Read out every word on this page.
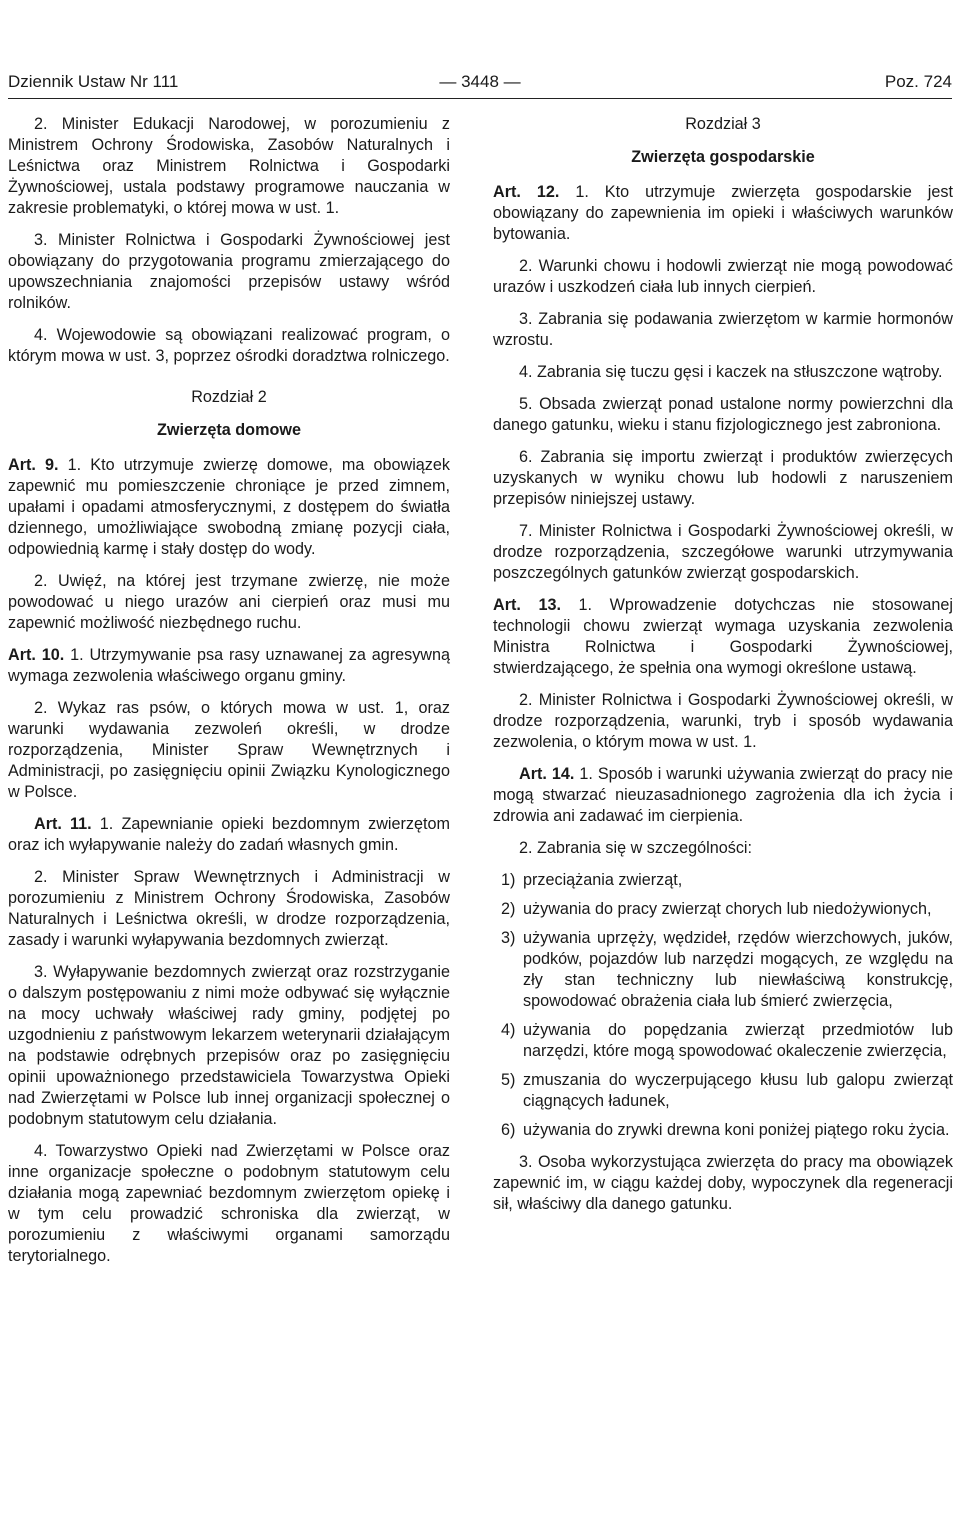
Dziennik Ustaw Nr 111	— 3448 —	Poz. 724

2. Minister Edukacji Narodowej, w porozumieniu z Ministrem Ochrony Środowiska, Zasobów Naturalnych i Leśnictwa oraz Ministrem Rolnictwa i Gospodarki Żywnościowej, ustala podstawy programowe nauczania w zakresie problematyki, o której mowa w ust. 1.

3. Minister Rolnictwa i Gospodarki Żywnościowej jest obowiązany do przygotowania programu zmierzającego do upowszechniania znajomości przepisów ustawy wśród rolników.

4. Wojewodowie są obowiązani realizować program, o którym mowa w ust. 3, poprzez ośrodki doradztwa rolniczego.

Rozdział 2
Zwierzęta domowe

Art. 9. 1. Kto utrzymuje zwierzę domowe, ma obowiązek zapewnić mu pomieszczenie chroniące je przed zimnem, upałami i opadami atmosferycznymi, z dostępem do światła dziennego, umożliwiające swobodną zmianę pozycji ciała, odpowiednią karmę i stały dostęp do wody.

2. Uwięź, na której jest trzymane zwierzę, nie może powodować u niego urazów ani cierpień oraz musi mu zapewnić możliwość niezbędnego ruchu.

Art. 10. 1. Utrzymywanie psa rasy uznawanej za agresywną wymaga zezwolenia właściwego organu gminy.

2. Wykaz ras psów, o których mowa w ust. 1, oraz warunki wydawania zezwoleń określi, w drodze rozporządzenia, Minister Spraw Wewnętrznych i Administracji, po zasięgnięciu opinii Związku Kynologicznego w Polsce.

Art. 11. 1. Zapewnianie opieki bezdomnym zwierzętom oraz ich wyłapywanie należy do zadań własnych gmin.

2. Minister Spraw Wewnętrznych i Administracji w porozumieniu z Ministrem Ochrony Środowiska, Zasobów Naturalnych i Leśnictwa określi, w drodze rozporządzenia, zasady i warunki wyłapywania bezdomnych zwierząt.

3. Wyłapywanie bezdomnych zwierząt oraz rozstrzyganie o dalszym postępowaniu z nimi może odbywać się wyłącznie na mocy uchwały właściwej rady gminy, podjętej po uzgodnieniu z państwowym lekarzem weterynarii działającym na podstawie odrębnych przepisów oraz po zasięgnięciu opinii upoważnionego przedstawiciela Towarzystwa Opieki nad Zwierzętami w Polsce lub innej organizacji społecznej o podobnym statutowym celu działania.

4. Towarzystwo Opieki nad Zwierzętami w Polsce oraz inne organizacje społeczne o podobnym statutowym celu działania mogą zapewniać bezdomnym zwierzętom opiekę i w tym celu prowadzić schroniska dla zwierząt, w porozumieniu z właściwymi organami samorządu terytorialnego.

Rozdział 3
Zwierzęta gospodarskie

Art. 12. 1. Kto utrzymuje zwierzęta gospodarskie jest obowiązany do zapewnienia im opieki i właściwych warunków bytowania.

2. Warunki chowu i hodowli zwierząt nie mogą powodować urazów i uszkodzeń ciała lub innych cierpień.

3. Zabrania się podawania zwierzętom w karmie hormonów wzrostu.

4. Zabrania się tuczu gęsi i kaczek na stłuszczone wątroby.

5. Obsada zwierząt ponad ustalone normy powierzchni dla danego gatunku, wieku i stanu fizjologicznego jest zabroniona.

6. Zabrania się importu zwierząt i produktów zwierzęcych uzyskanych w wyniku chowu lub hodowli z naruszeniem przepisów niniejszej ustawy.

7. Minister Rolnictwa i Gospodarki Żywnościowej określi, w drodze rozporządzenia, szczegółowe warunki utrzymywania poszczególnych gatunków zwierząt gospodarskich.

Art. 13. 1. Wprowadzenie dotychczas nie stosowanej technologii chowu zwierząt wymaga uzyskania zezwolenia Ministra Rolnictwa i Gospodarki Żywnościowej, stwierdzającego, że spełnia ona wymogi określone ustawą.

2. Minister Rolnictwa i Gospodarki Żywnościowej określi, w drodze rozporządzenia, warunki, tryb i sposób wydawania zezwolenia, o którym mowa w ust. 1.

Art. 14. 1. Sposób i warunki używania zwierząt do pracy nie mogą stwarzać nieuzasadnionego zagrożenia dla ich życia i zdrowia ani zadawać im cierpienia.

2. Zabrania się w szczególności:

1) przeciążania zwierząt,
2) używania do pracy zwierząt chorych lub niedożywionych,
3) używania uprzęży, wędzideł, rzędów wierzchowych, juków, podków, pojazdów lub narzędzi mogących, ze względu na zły stan techniczny lub niewłaściwą konstrukcję, spowodować obrażenia ciała lub śmierć zwierzęcia,
4) używania do popędzania zwierząt przedmiotów lub narzędzi, które mogą spowodować okaleczenie zwierzęcia,
5) zmuszania do wyczerpującego kłusu lub galopu zwierząt ciągnących ładunek,
6) używania do zrywki drewna koni poniżej piątego roku życia.

3. Osoba wykorzystująca zwierzęta do pracy ma obowiązek zapewnić im, w ciągu każdej doby, wypoczynek dla regeneracji sił, właściwy dla danego gatunku.
